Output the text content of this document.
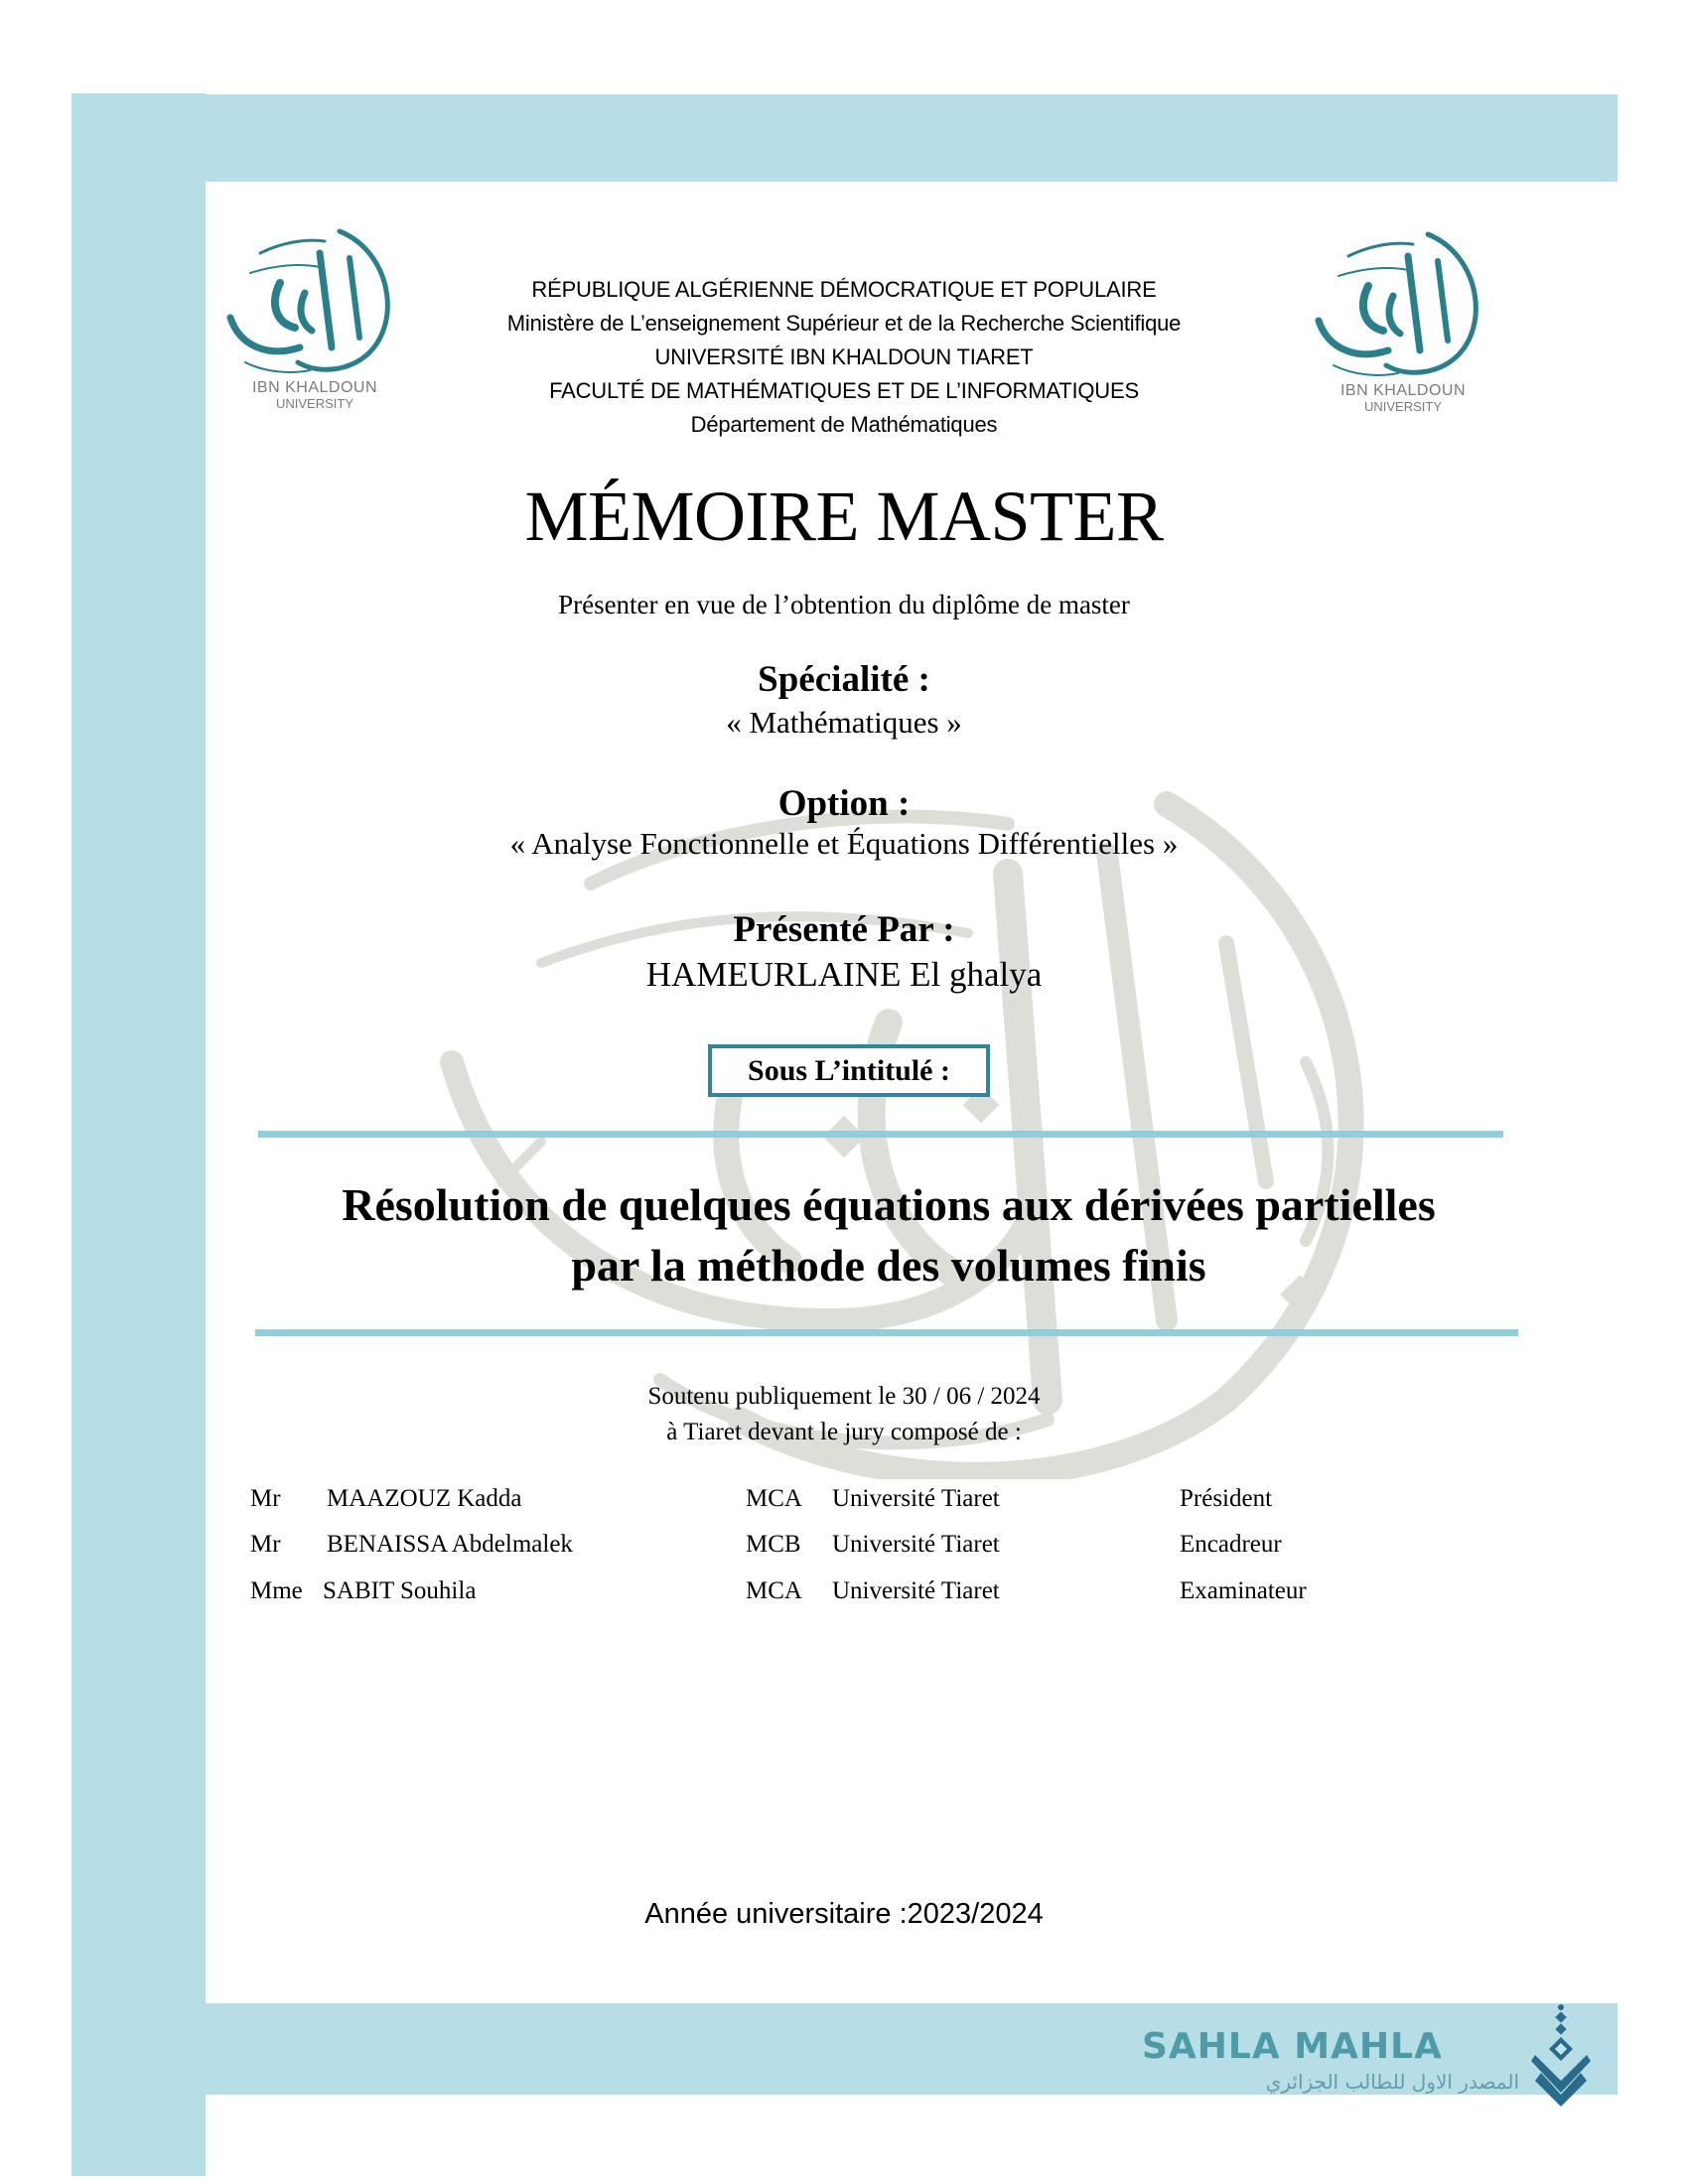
IBN KHALDOUN
UNIVERSITY
IBN KHALDOUN
UNIVERSITY
RÉPUBLIQUE ALGÉRIENNE DÉMOCRATIQUE ET POPULAIRE
Ministère de L’enseignement Supérieur et de la Recherche Scientifique
UNIVERSITÉ IBN KHALDOUN TIARET
FACULTÉ DE MATHÉMATIQUES ET DE L’INFORMATIQUES
Département de Mathématiques
MÉMOIRE MASTER
Présenter en vue de l’obtention du diplôme de master
Spécialité :
« Mathématiques »
Option :
« Analyse Fonctionnelle et Équations Différentielles »
Présenté Par :
HAMEURLAINE El ghalya
Sous L’intitulé :
Résolution de quelques équations aux dérivées partielles
par la méthode des volumes finis
Soutenu publiquement le 30 / 06 / 2024
à Tiaret devant le jury composé de :
Mr MAAZOUZ Kadda	MCA Université Tiaret	Président
Mr BENAISSA Abdelmalek	MCB Université Tiaret	Encadreur
Mme SABIT Souhila	MCA Université Tiaret	Examinateur
Année universitaire :2023/2024
SAHLA MAHLA
المصدر الاول للطالب الجزائري
